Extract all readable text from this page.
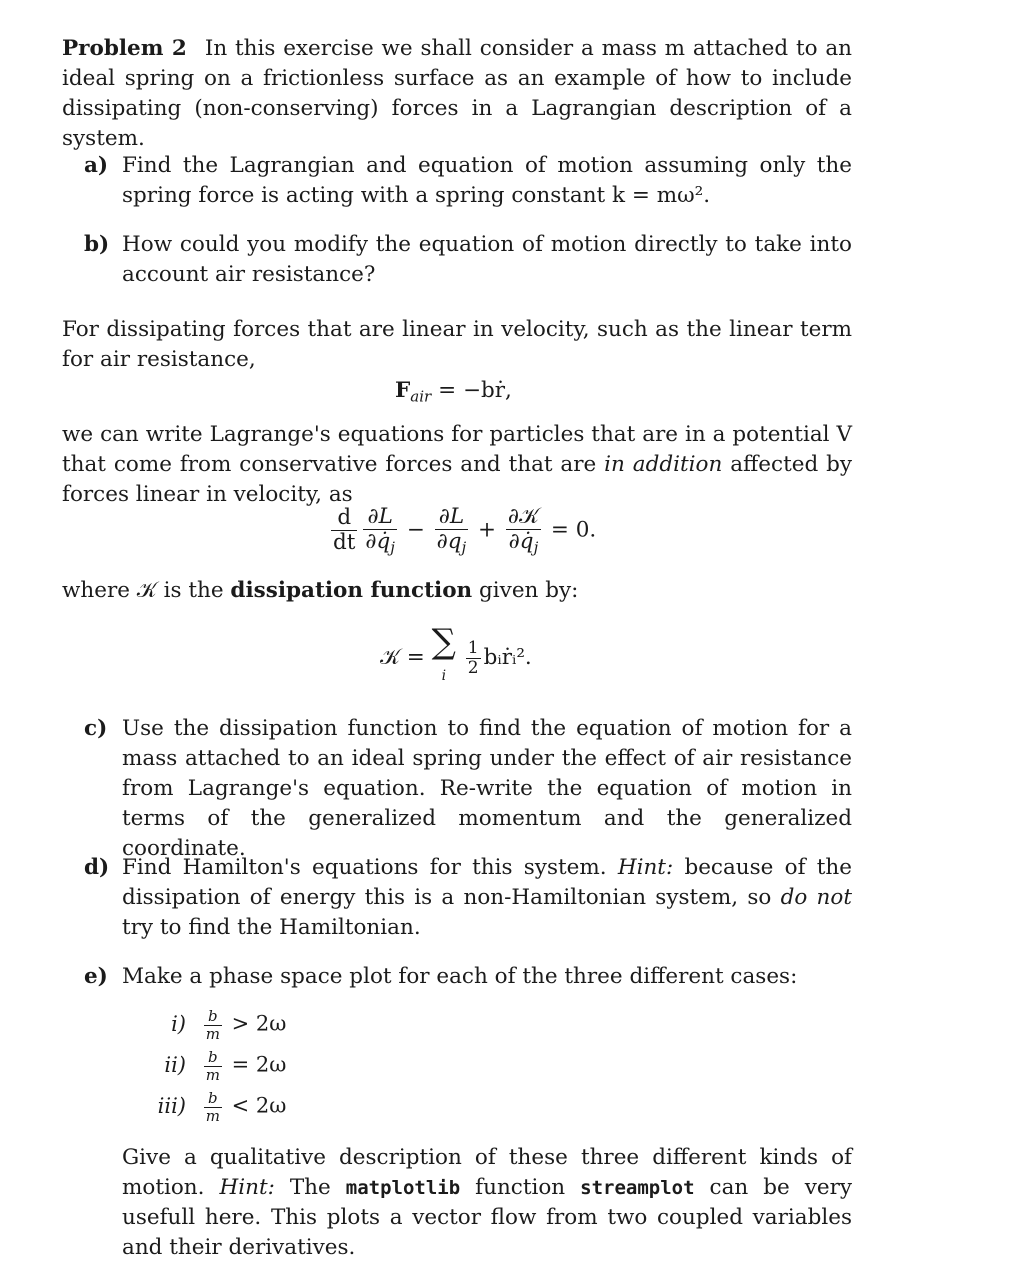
Problem 2 In this exercise we shall consider a mass m attached to an ideal spring on a frictionless surface as an example of how to include dissipating (non-conserving) forces in a Lagrangian description of a system.
a) Find the Lagrangian and equation of motion assuming only the spring force is acting with a spring constant k = mω².
b) How could you modify the equation of motion directly to take into account air resistance?
For dissipating forces that are linear in velocity, such as the linear term for air resistance,
$F_{air}$ = −bṙ,
we can write Lagrange's equations for particles that are in a potential V that come from conservative forces and that are in addition affected by forces linear in velocity, as
$\frac{d}{dt} \frac{\partial L}{\partial q̇_j} - \frac{\partial L}{\partial q_j} + \frac{\text{∂𝒦}}{\partial q̇_j} = 0$.
where 𝒦 is the dissipation function given by:
𝒦 = ∑
i $\frac{1}{2}$ bᵢṙᵢ².
c) Use the dissipation function to find the equation of motion for a mass attached to an ideal spring under the effect of air resistance from Lagrange's equation. Re-write the equation of motion in terms of the generalized momentum and the generalized coordinate.
d) Find Hamilton's equations for this system. Hint: because of the dissipation of energy this is a non-Hamiltonian system, so do not try to find the Hamiltonian.
e) Make a phase space plot for each of the three different cases:
$i) \frac{b}{m} > 2\omega$
$ii) \frac{b}{m} = 2\omega$
$iii) \frac{b}{m} < 2\omega$
Give a qualitative description of these three different kinds of motion. Hint: The matplotlib function streamplot can be very usefull here. This plots a vector flow from two coupled variables and their derivatives.
